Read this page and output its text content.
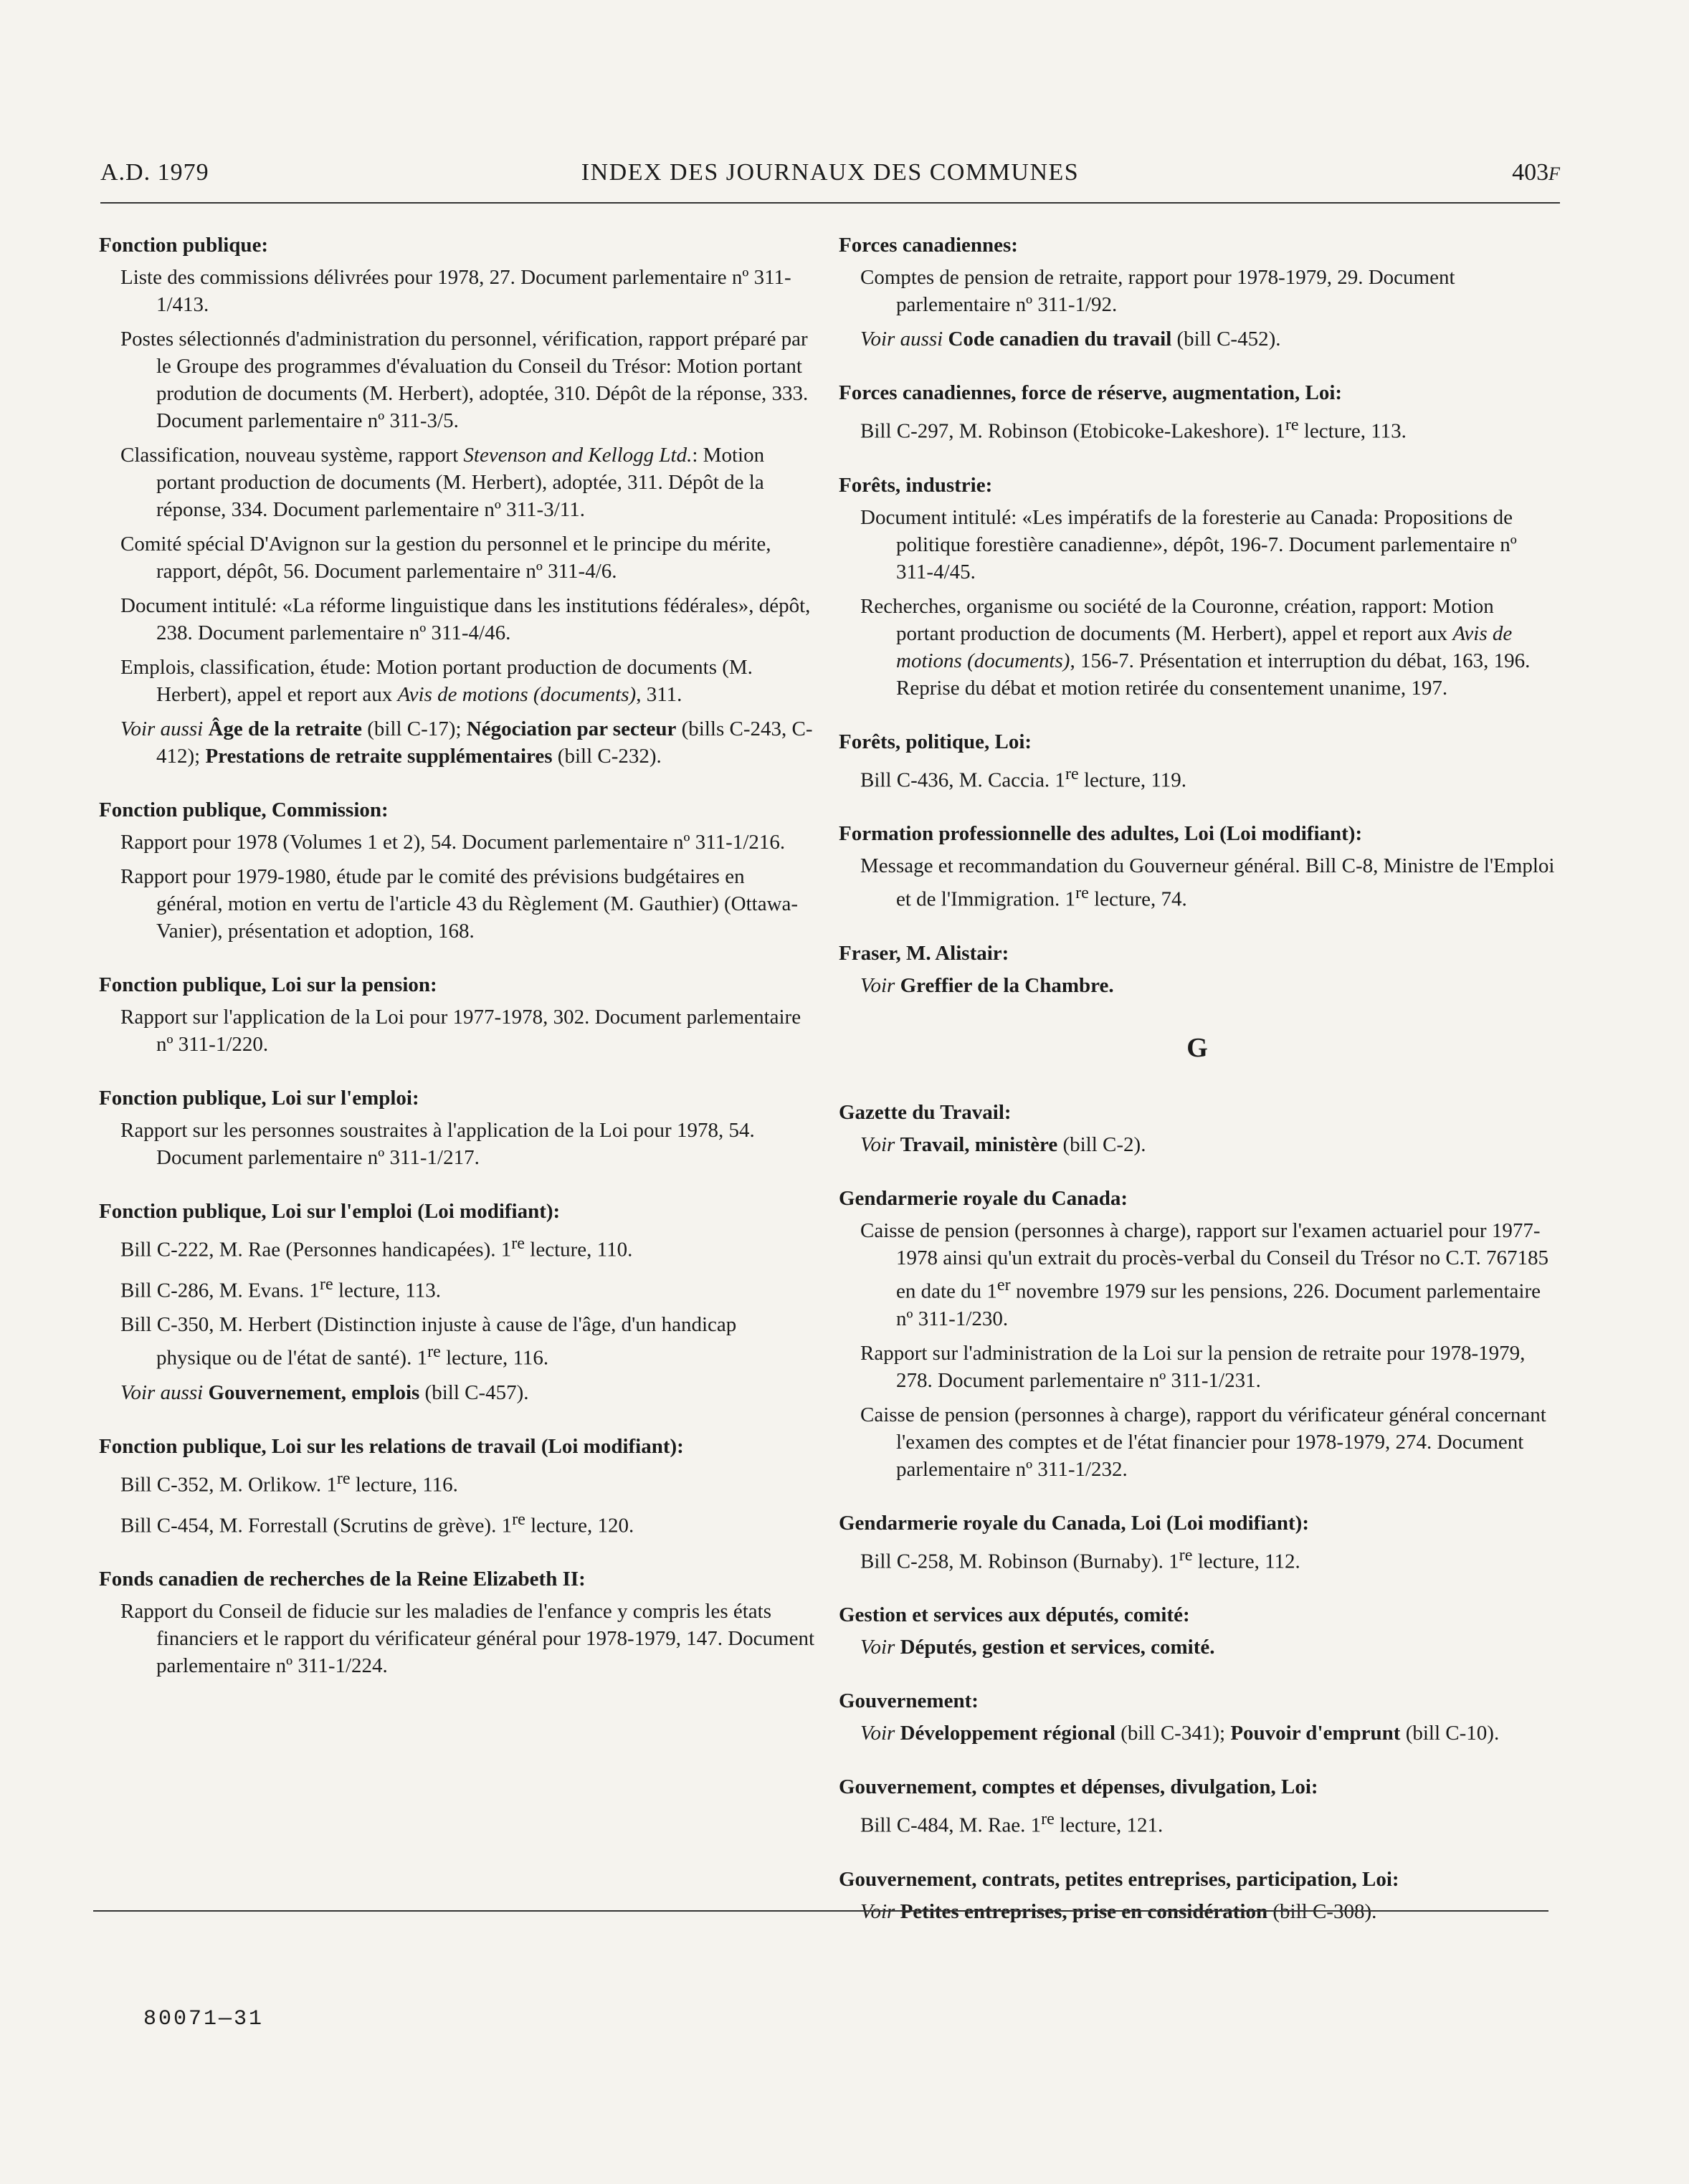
A.D. 1979	INDEX DES JOURNAUX DES COMMUNES	403F
Fonction publique:
Liste des commissions délivrées pour 1978, 27. Document parlementaire nº 311-1/413.
Postes sélectionnés d'administration du personnel, vérification, rapport préparé par le Groupe des programmes d'évaluation du Conseil du Trésor: Motion portant prodution de documents (M. Herbert), adoptée, 310. Dépôt de la réponse, 333. Document parlementaire nº 311-3/5.
Classification, nouveau système, rapport Stevenson and Kellogg Ltd.: Motion portant production de documents (M. Herbert), adoptée, 311. Dépôt de la réponse, 334. Document parlementaire nº 311-3/11.
Comité spécial D'Avignon sur la gestion du personnel et le principe du mérite, rapport, dépôt, 56. Document parlementaire nº 311-4/6.
Document intitulé: «La réforme linguistique dans les institutions fédérales», dépôt, 238. Document parlementaire nº 311-4/46.
Emplois, classification, étude: Motion portant production de documents (M. Herbert), appel et report aux Avis de motions (documents), 311.
Voir aussi Âge de la retraite (bill C-17); Négociation par secteur (bills C-243, C-412); Prestations de retraite supplémentaires (bill C-232).
Fonction publique, Commission:
Rapport pour 1978 (Volumes 1 et 2), 54. Document parlementaire nº 311-1/216.
Rapport pour 1979-1980, étude par le comité des prévisions budgétaires en général, motion en vertu de l'article 43 du Règlement (M. Gauthier) (Ottawa-Vanier), présentation et adoption, 168.
Fonction publique, Loi sur la pension:
Rapport sur l'application de la Loi pour 1977-1978, 302. Document parlementaire nº 311-1/220.
Fonction publique, Loi sur l'emploi:
Rapport sur les personnes soustraites à l'application de la Loi pour 1978, 54. Document parlementaire nº 311-1/217.
Fonction publique, Loi sur l'emploi (Loi modifiant):
Bill C-222, M. Rae (Personnes handicapées). 1re lecture, 110.
Bill C-286, M. Evans. 1re lecture, 113.
Bill C-350, M. Herbert (Distinction injuste à cause de l'âge, d'un handicap physique ou de l'état de santé). 1re lecture, 116.
Voir aussi Gouvernement, emplois (bill C-457).
Fonction publique, Loi sur les relations de travail (Loi modifiant):
Bill C-352, M. Orlikow. 1re lecture, 116.
Bill C-454, M. Forrestall (Scrutins de grève). 1re lecture, 120.
Fonds canadien de recherches de la Reine Elizabeth II:
Rapport du Conseil de fiducie sur les maladies de l'enfance y compris les états financiers et le rapport du vérificateur général pour 1978-1979, 147. Document parlementaire nº 311-1/224.
Forces canadiennes:
Comptes de pension de retraite, rapport pour 1978-1979, 29. Document parlementaire nº 311-1/92.
Voir aussi Code canadien du travail (bill C-452).
Forces canadiennes, force de réserve, augmentation, Loi:
Bill C-297, M. Robinson (Etobicoke-Lakeshore). 1re lecture, 113.
Forêts, industrie:
Document intitulé: «Les impératifs de la foresterie au Canada: Propositions de politique forestière canadienne», dépôt, 196-7. Document parlementaire nº 311-4/45.
Recherches, organisme ou société de la Couronne, création, rapport: Motion portant production de documents (M. Herbert), appel et report aux Avis de motions (documents), 156-7. Présentation et interruption du débat, 163, 196. Reprise du débat et motion retirée du consentement unanime, 197.
Forêts, politique, Loi:
Bill C-436, M. Caccia. 1re lecture, 119.
Formation professionnelle des adultes, Loi (Loi modifiant):
Message et recommandation du Gouverneur général. Bill C-8, Ministre de l'Emploi et de l'Immigration. 1re lecture, 74.
Fraser, M. Alistair:
Voir Greffier de la Chambre.
G
Gazette du Travail:
Voir Travail, ministère (bill C-2).
Gendarmerie royale du Canada:
Caisse de pension (personnes à charge), rapport sur l'examen actuariel pour 1977-1978 ainsi qu'un extrait du procès-verbal du Conseil du Trésor no C.T. 767185 en date du 1er novembre 1979 sur les pensions, 226. Document parlementaire nº 311-1/230.
Rapport sur l'administration de la Loi sur la pension de retraite pour 1978-1979, 278. Document parlementaire nº 311-1/231.
Caisse de pension (personnes à charge), rapport du vérificateur général concernant l'examen des comptes et de l'état financier pour 1978-1979, 274. Document parlementaire nº 311-1/232.
Gendarmerie royale du Canada, Loi (Loi modifiant):
Bill C-258, M. Robinson (Burnaby). 1re lecture, 112.
Gestion et services aux députés, comité:
Voir Députés, gestion et services, comité.
Gouvernement:
Voir Développement régional (bill C-341); Pouvoir d'emprunt (bill C-10).
Gouvernement, comptes et dépenses, divulgation, Loi:
Bill C-484, M. Rae. 1re lecture, 121.
Gouvernement, contrats, petites entreprises, participation, Loi:
Voir Petites entreprises, prise en considération (bill C-308).
80071—31
